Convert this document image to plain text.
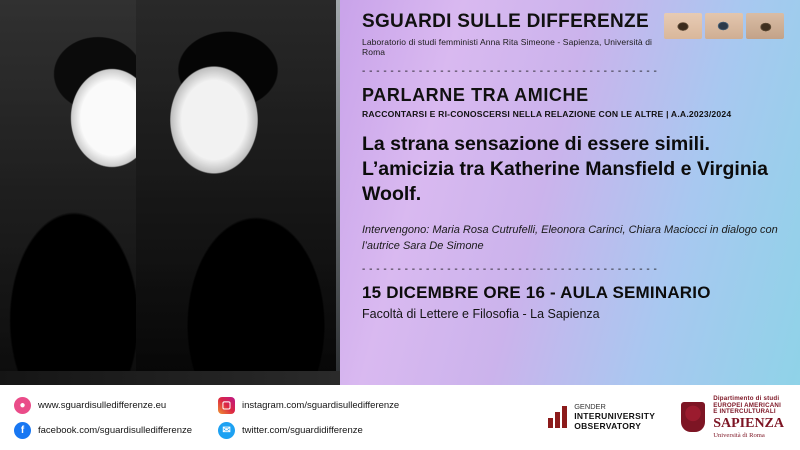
SGUARDI SULLE DIFFERENZE
Laboratorio di studi femministi Anna Rita Simeone - Sapienza, Università di Roma
- - - - - - - - - - - - - - - - - - - - - - - - - - - - - - - - - - - - - - - - - -
PARLARNE TRA AMICHE
RACCONTARSI E RI-CONOSCERSI NELLA RELAZIONE CON LE ALTRE | A.A.2023/2024
La strana sensazione di essere simili. L’amicizia tra Katherine Mansfield e Virginia Woolf.
Intervengono: Maria Rosa Cutrufelli, Eleonora Carinci, Chiara Maciocci in dialogo con l’autrice Sara De Simone
- - - - - - - - - - - - - - - - - - - - - - - - - - - - - - - - - - - - - - - - - -
15 DICEMBRE ORE 16 - AULA SEMINARIO
Facoltà di Lettere e Filosofia - La Sapienza
●	www.sguardisulledifferenze.eu
f	facebook.com/sguardisulledifferenze
▢	instagram.com/sguardisulledifferenze
✉	twitter.com/sguardidifferenze
GENDER
INTERUNIVERSITY
OBSERVATORY
Dipartimento di studi
EUROPEI AMERICANI
E INTERCULTURALI
SAPIENZA
Università di Roma
